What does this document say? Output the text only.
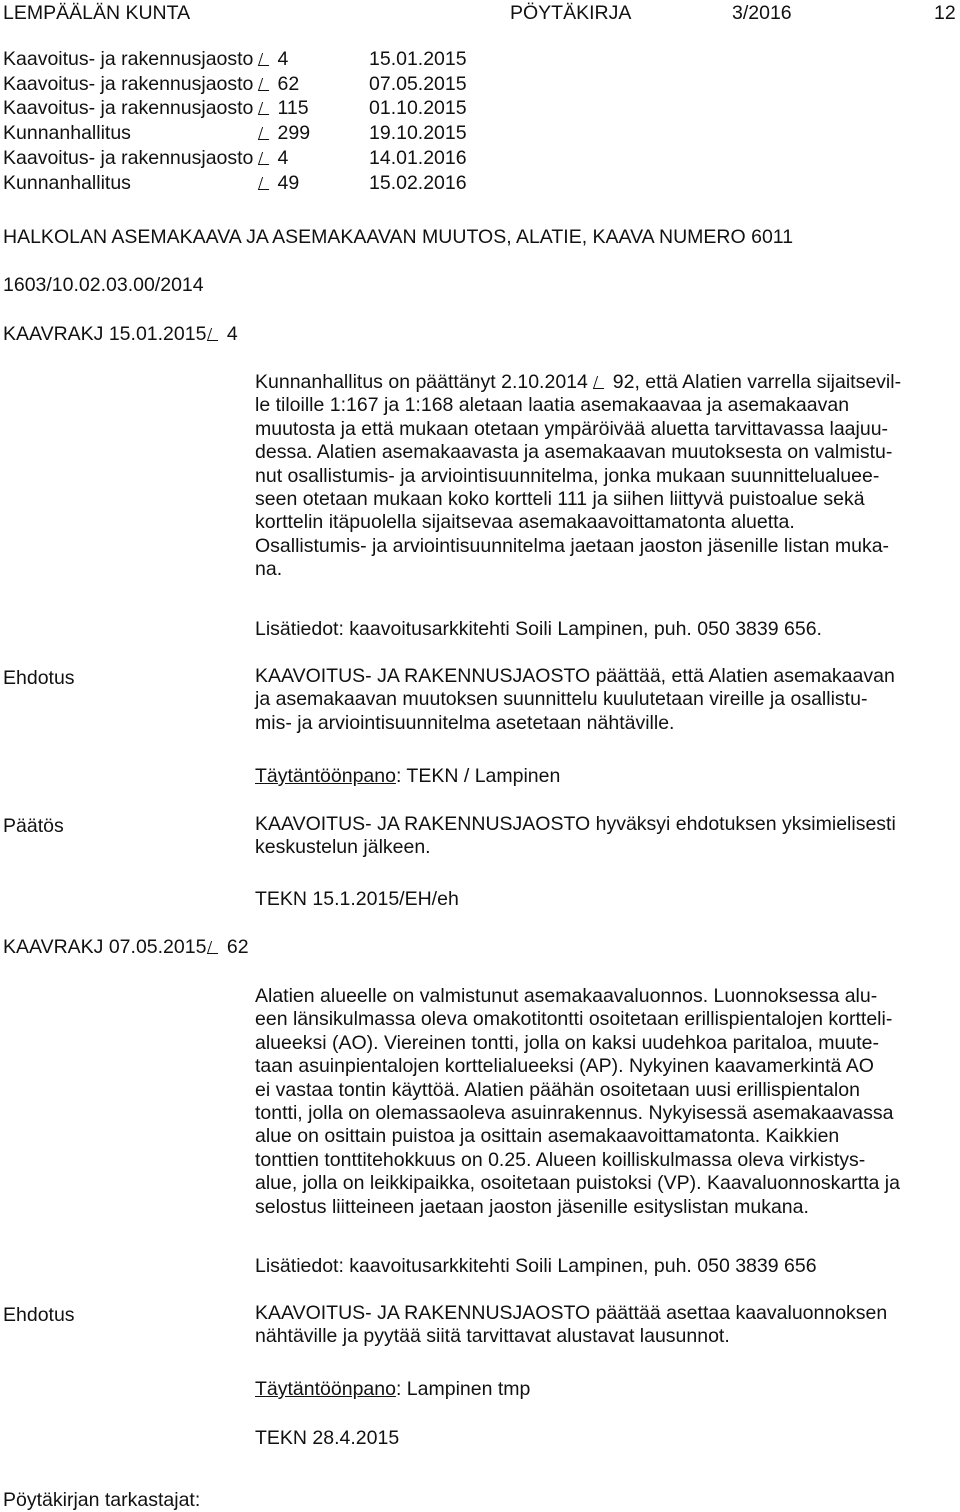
LEMPÄÄLÄN KUNTA	PÖYTÄKIRJA	3/2016	12
Kaavoitus- ja rakennusjaosto	4	15.01.2015
Kaavoitus- ja rakennusjaosto	62	07.05.2015
Kaavoitus- ja rakennusjaosto	115	01.10.2015
Kunnanhallitus	299	19.10.2015
Kaavoitus- ja rakennusjaosto	4	14.01.2016
Kunnanhallitus	49	15.02.2016
HALKOLAN ASEMAKAAVA JA ASEMAKAAVAN MUUTOS, ALATIE, KAAVA NUMERO 6011
1603/10.02.03.00/2014
KAAVRAKJ 15.01.2015 4
Kunnanhallitus on päättänyt 2.10.2014 92, että Alatien varrella sijaitsevil-
le tiloille 1:167 ja 1:168 aletaan laatia asemakaavaa ja asemakaavan
muutosta ja että mukaan otetaan ympäröivää aluetta tarvittavassa laajuu-
dessa. Alatien asemakaavasta ja asemakaavan muutoksesta on valmistu-
nut osallistumis- ja arviointisuunnitelma, jonka mukaan suunnittelualuee-
seen otetaan mukaan koko kortteli 111 ja siihen liittyvä puistoalue sekä
korttelin itäpuolella sijaitsevaa asemakaavoittamatonta aluetta.
Osallistumis- ja arviointisuunnitelma jaetaan jaoston jäsenille listan muka-
na.
Lisätiedot: kaavoitusarkkitehti Soili Lampinen, puh. 050 3839 656.
Ehdotus	KAAVOITUS- JA RAKENNUSJAOSTO päättää, että Alatien asemakaavan
ja asemakaavan muutoksen suunnittelu kuulutetaan vireille ja osallistu-
mis- ja arviointisuunnitelma asetetaan nähtäville.
Täytäntöönpano: TEKN / Lampinen
Päätös	KAAVOITUS- JA RAKENNUSJAOSTO hyväksyi ehdotuksen yksimielisesti
keskustelun jälkeen.
TEKN 15.1.2015/EH/eh
KAAVRAKJ 07.05.2015 62
Alatien alueelle on valmistunut asemakaavaluonnos. Luonnoksessa alu-
een länsikulmassa oleva omakotitontti osoitetaan erillispientalojen kortteli-
alueeksi (AO). Viereinen tontti, jolla on kaksi uudehkoa paritaloa, muute-
taan asuinpientalojen korttelialueeksi (AP). Nykyinen kaavamerkintä AO
ei vastaa tontin käyttöä. Alatien päähän osoitetaan uusi erillispientalon
tontti, jolla on olemassaoleva asuinrakennus. Nykyisessä asemakaavassa
alue on osittain puistoa ja osittain asemakaavoittamatonta. Kaikkien
tonttien tonttitehokkuus on 0.25. Alueen koilliskulmassa oleva virkistys-
alue, jolla on leikkipaikka, osoitetaan puistoksi (VP). Kaavaluonnoskartta ja
selostus liitteineen jaetaan jaoston jäsenille esityslistan mukana.
Lisätiedot: kaavoitusarkkitehti Soili Lampinen, puh. 050 3839 656
Ehdotus	KAAVOITUS- JA RAKENNUSJAOSTO päättää asettaa kaavaluonnoksen
nähtäville ja pyytää siitä tarvittavat alustavat lausunnot.
Täytäntöönpano: Lampinen tmp
TEKN 28.4.2015
Pöytäkirjan tarkastajat:
